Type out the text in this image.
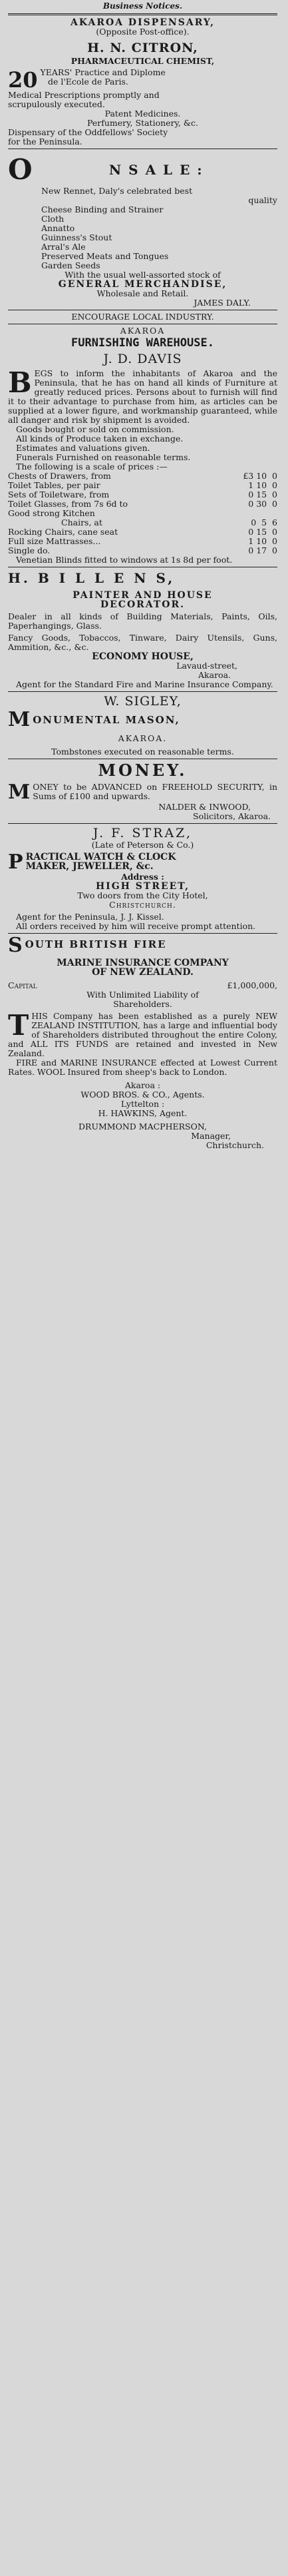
Business Notices.
AKAROA DISPENSARY,
(Opposite Post-office).
H. N. CITRON,
PHARMACEUTICAL CHEMIST,
20 YEARS' Practice and Diplome
de l'Ecole de Paris.
Medical Prescriptions promptly and
scrupulously executed.
Patent Medicines.
Perfumery, Stationery, &c.
Dispensary of the Oddfellows' Society
for the Peninsula.
O	N S A L E :
New Rennet, Daly's celebrated best
quality
Cheese Binding and Strainer
Cloth
Annatto
Guinness's Stout
Arral's Ale
Preserved Meats and Tongues
Garden Seeds
With the usual well-assorted stock of
GENERAL MERCHANDISE,
Wholesale and Retail.
JAMES DALY.
ENCOURAGE LOCAL INDUSTRY.
AKAROA
FURNISHING WAREHOUSE.
J. D. DAVIS
B EGS to inform the inhabitants of Akaroa and the Peninsula, that he has on hand all kinds of Furniture at greatly reduced prices. Persons about to furnish will find it to their advantage to purchase from him, as articles can be supplied at a lower figure, and workmanship guaranteed, while all danger and risk by shipment is avoided.
Goods bought or sold on commission.
All kinds of Produce taken in exchange.
Estimates and valuations given.
Funerals Furnished on reasonable terms.
The following is a scale of prices :—
Chests of Drawers, from	£3 10  0
Toilet Tables, per pair	1 10  0
Sets of Toiletware, from	0 15  0
Toilet Glasses, from 7s 6d to	0 30  0
Good strong Kitchen
Chairs, at	0  5  6
Rocking Chairs, cane seat	0 15  0
Full size Mattrasses...	1 10  0
Single do.	0 17  0
Venetian Blinds fitted to windows at 1s 8d per foot.
H. B I L L E N S,
PAINTER AND HOUSE
DECORATOR.
Dealer in all kinds of Building Materials, Paints, Oils, Paperhangings, Glass.
Fancy Goods, Tobaccos, Tinware, Dairy Utensils, Guns, Ammition, &c., &c.
ECONOMY HOUSE,
Lavaud-street,
Akaroa.
Agent for the Standard Fire and Marine Insurance Company.
W. SIGLEY,
M ONUMENTAL MASON,
AKAROA.
Tombstones executed on reasonable terms.
MONEY.
M ONEY to be ADVANCED on FREEHOLD SECURITY, in Sums of £100 and upwards.
NALDER & INWOOD,
Solicitors, Akaroa.
J. F. STRAZ,
(Late of Peterson & Co.)
P RACTICAL WATCH & CLOCK
MAKER, JEWELLER, &c.
Address :
HIGH STREET,
Two doors from the City Hotel,
Christchurch.
Agent for the Peninsula, J. J. Kissel.
All orders received by him will receive prompt attention.
S OUTH BRITISH FIRE
MARINE INSURANCE COMPANY
OF NEW ZEALAND.
Capital	£1,000,000,
With Unlimited Liability of
Shareholders.
T HIS Company has been established as a purely NEW ZEALAND INSTITUTION, has a large and influential body of Shareholders distributed throughout the entire Colony, and ALL ITS FUNDS are retained and invested in New Zealand.
FIRE and MARINE INSURANCE effected at Lowest Current Rates. WOOL Insured from sheep's back to London.
Akaroa :
WOOD BROS. & CO., Agents.
Lyttelton :
H. HAWKINS, Agent.
DRUMMOND MACPHERSON,
Manager,
Christchurch.
